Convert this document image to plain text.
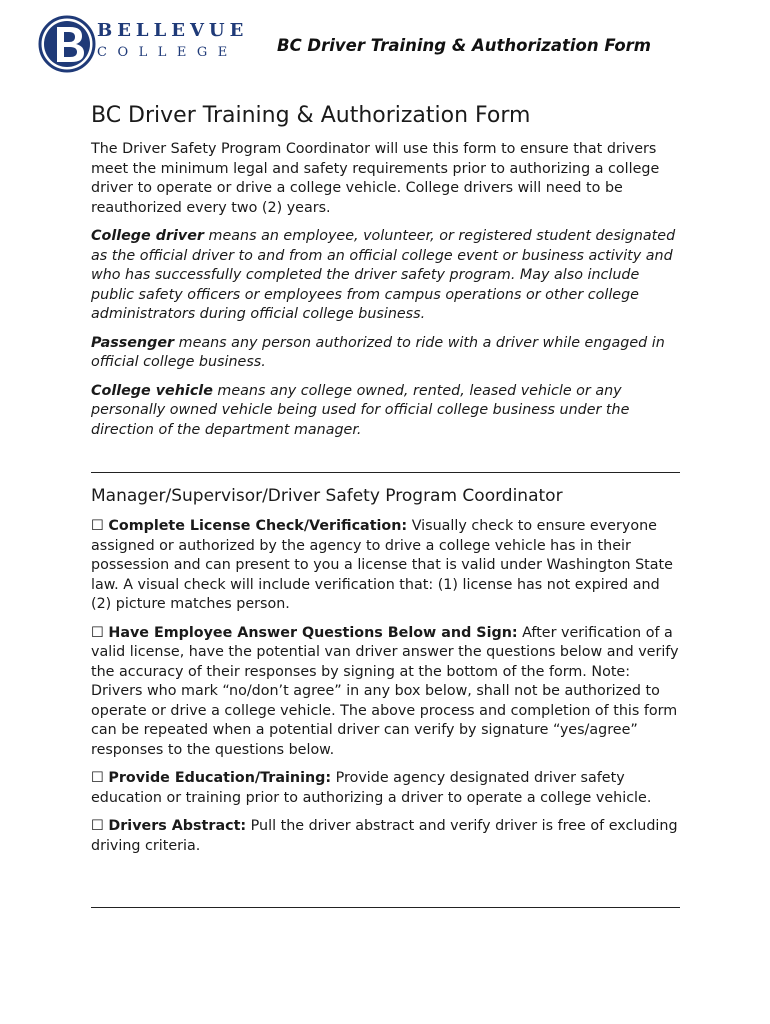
BELLEVUE
COLLEGE BC Driver Training & Authorization Form
BC Driver Training & Authorization Form

The Driver Safety Program Coordinator will use this form to ensure that drivers meet the minimum legal and safety requirements prior to authorizing a college driver to operate or drive a college vehicle. College drivers will need to be reauthorized every two (2) years.

College driver means an employee, volunteer, or registered student designated as the official driver to and from an official college event or business activity and who has successfully completed the driver safety program. May also include public safety officers or employees from campus operations or other college administrators during official college business.

Passenger means any person authorized to ride with a driver while engaged in official college business.

College vehicle means any college owned, rented, leased vehicle or any personally owned vehicle being used for official college business under the direction of the department manager.

Manager/Supervisor/Driver Safety Program Coordinator

☐ Complete License Check/Verification: Visually check to ensure everyone assigned or authorized by the agency to drive a college vehicle has in their possession and can present to you a license that is valid under Washington State law. A visual check will include verification that: (1) license has not expired and (2) picture matches person.

☐ Have Employee Answer Questions Below and Sign: After verification of a valid license, have the potential van driver answer the questions below and verify the accuracy of their responses by signing at the bottom of the form. Note: Drivers who mark “no/don’t agree” in any box below, shall not be authorized to operate or drive a college vehicle. The above process and completion of this form can be repeated when a potential driver can verify by signature “yes/agree” responses to the questions below.

☐ Provide Education/Training: Provide agency designated driver safety education or training prior to authorizing a driver to operate a college vehicle.

☐ Drivers Abstract: Pull the driver abstract and verify driver is free of excluding driving criteria.
